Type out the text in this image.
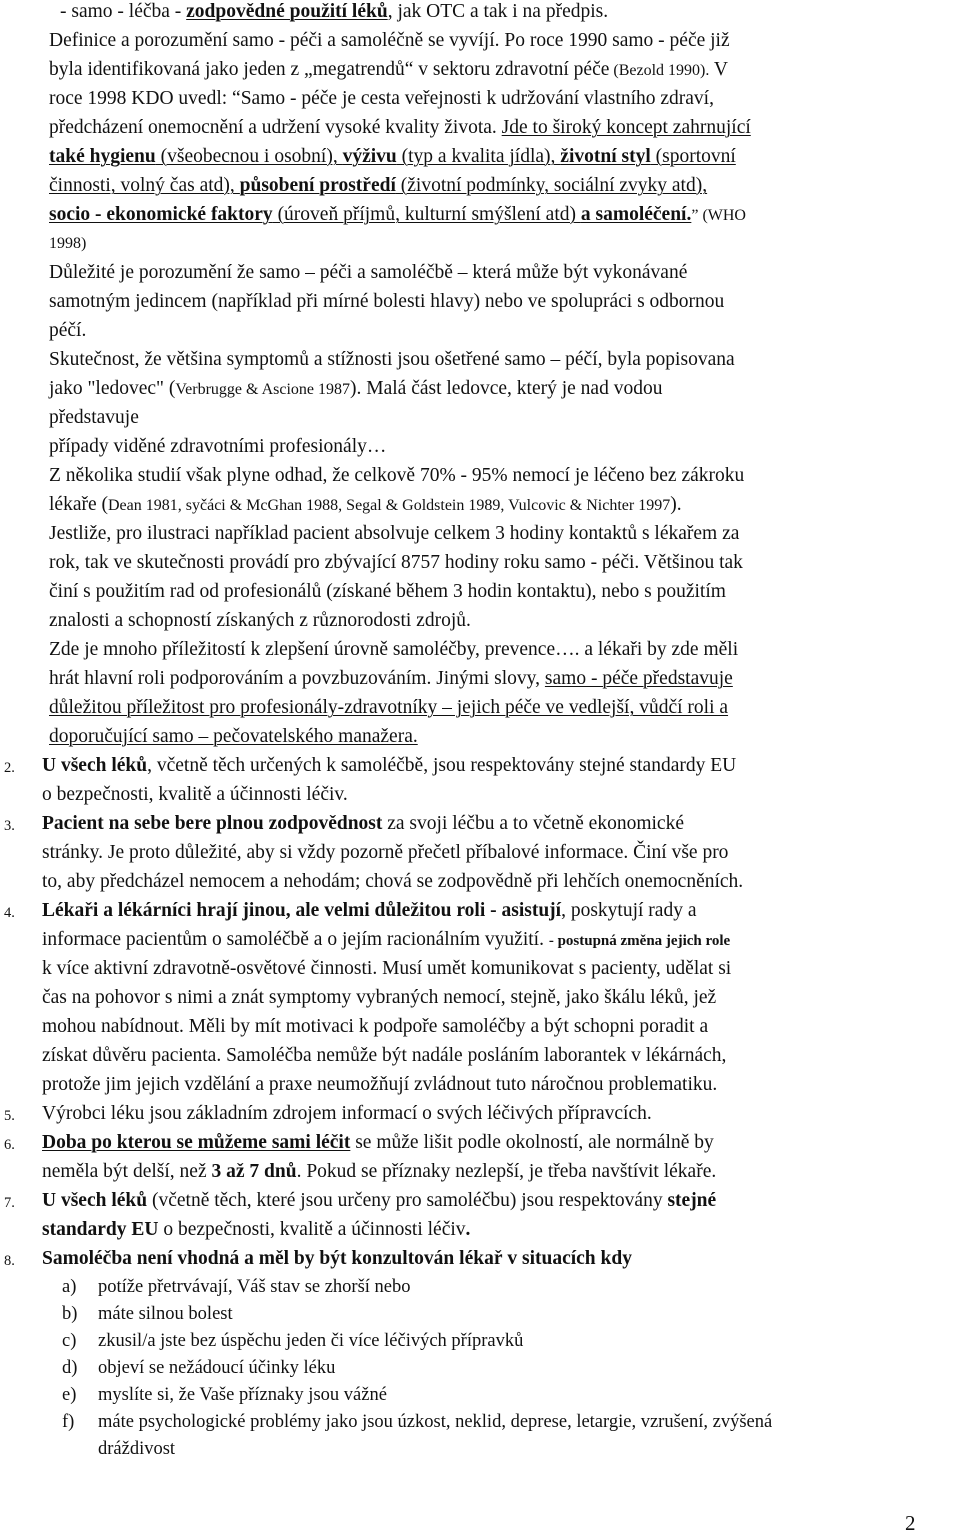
- samo - léčba - zodpovědné použití léků, jak OTC a tak i na předpis.
Definice a porozumění samo - péči a samoléčně se vyvíjí. Po roce 1990 samo - péče již
byla identifikovaná jako jeden z „megatrendů“ v sektoru zdravotní péče (Bezold 1990). V
roce 1998 KDO uvedl: “Samo - péče je cesta veřejnosti k udržování vlastního zdraví,
předcházení onemocnění a udržení vysoké kvality života. Jde to široký koncept zahrnující
také hygienu (všeobecnou i osobní), výživu (typ a kvalita jídla), životní styl (sportovní
činnosti, volný čas atd), působení prostředí (životní podmínky, sociální zvyky atd),
socio - ekonomické faktory (úroveň příjmů, kulturní smýšlení atd) a samoléčení.” (WHO
1998)
Důležité je porozumění že samo – péči a samoléčbě – která může být vykonávané
samotným jedincem (například při mírné bolesti hlavy) nebo ve spolupráci s odbornou
péčí.
Skutečnost, že většina symptomů a stížnosti jsou ošetřené samo – péčí, byla popisovana
jako "ledovec" (Verbrugge & Ascione 1987). Malá část ledovce, který je nad vodou
představuje
případy viděné zdravotními profesionály…
Z několika studií však plyne odhad, že celkově 70% - 95% nemocí je léčeno bez zákroku
lékaře (Dean 1981, syčáci & McGhan 1988, Segal & Goldstein 1989, Vulcovic & Nichter 1997).
Jestliže, pro ilustraci například pacient absolvuje celkem 3 hodiny kontaktů s lékařem za
rok, tak ve skutečnosti provádí pro zbývající 8757 hodiny roku samo - péči. Většinou tak
činí s použitím rad od profesionálů (získané během 3 hodin kontaktu), nebo s použitím
znalosti a schopností získaných z různorodosti zdrojů.
Zde je mnoho příležitostí k zlepšení úrovně samoléčby, prevence…. a lékaři by zde měli
hrát hlavní roli podporováním a povzbuzováním. Jinými slovy, samo - péče představuje
důležitou příležitost pro profesionály-zdravotníky – jejich péče ve vedlejší, vůdčí roli a
doporučující samo – pečovatelského manažera.
2. U všech léků, včetně těch určených k samoléčbě, jsou respektovány stejné standardy EU
o bezpečnosti, kvalitě a účinnosti léčiv.
3. Pacient na sebe bere plnou zodpovědnost za svoji léčbu a to včetně ekonomické
stránky. Je proto důležité, aby si vždy pozorně přečetl příbalové informace. Činí vše pro
to, aby předcházel nemocem a nehodám; chová se zodpovědně při lehčích onemocněních.
4. Lékaři a lékárníci hrají jinou, ale velmi důležitou roli - asistují, poskytují rady a
informace pacientům o samoléčbě a o jejím racionálním využití. - postupná změna jejich role
k více aktivní zdravotně-osvětové činnosti. Musí umět komunikovat s pacienty, udělat si
čas na pohovor s nimi a znát symptomy vybraných nemocí, stejně, jako škálu léků, jež
mohou nabídnout. Měli by mít motivaci k podpoře samoléčby a být schopni poradit a
získat důvěru pacienta. Samoléčba nemůže být nadále posláním laborantek v lékárnách,
protože jim jejich vzdělání a praxe neumožňují zvládnout tuto náročnou problematiku.
5. Výrobci léku jsou základním zdrojem informací o svých léčivých přípravcích.
6. Doba po kterou se můžeme sami léčit se může lišit podle okolností, ale normálně by
neměla být delší, než 3 až 7 dnů. Pokud se příznaky nezlepší, je třeba navštívit lékaře.
7. U všech léků (včetně těch, které jsou určeny pro samoléčbu) jsou respektovány stejné
standardy EU o bezpečnosti, kvalitě a účinnosti léčiv.
8. Samoléčba není vhodná a měl by být konzultován lékař v situacích kdy
a) potíže přetrvávají, Váš stav se zhorší nebo
b) máte silnou bolest
c) zkusil/a jste bez úspěchu jeden či více léčivých přípravků
d) objeví se nežádoucí účinky léku
e) myslíte si, že Vaše příznaky jsou vážné
f) máte psychologické problémy jako jsou úzkost, neklid, deprese, letargie, vzrušení, zvýšená
dráždivost
2
